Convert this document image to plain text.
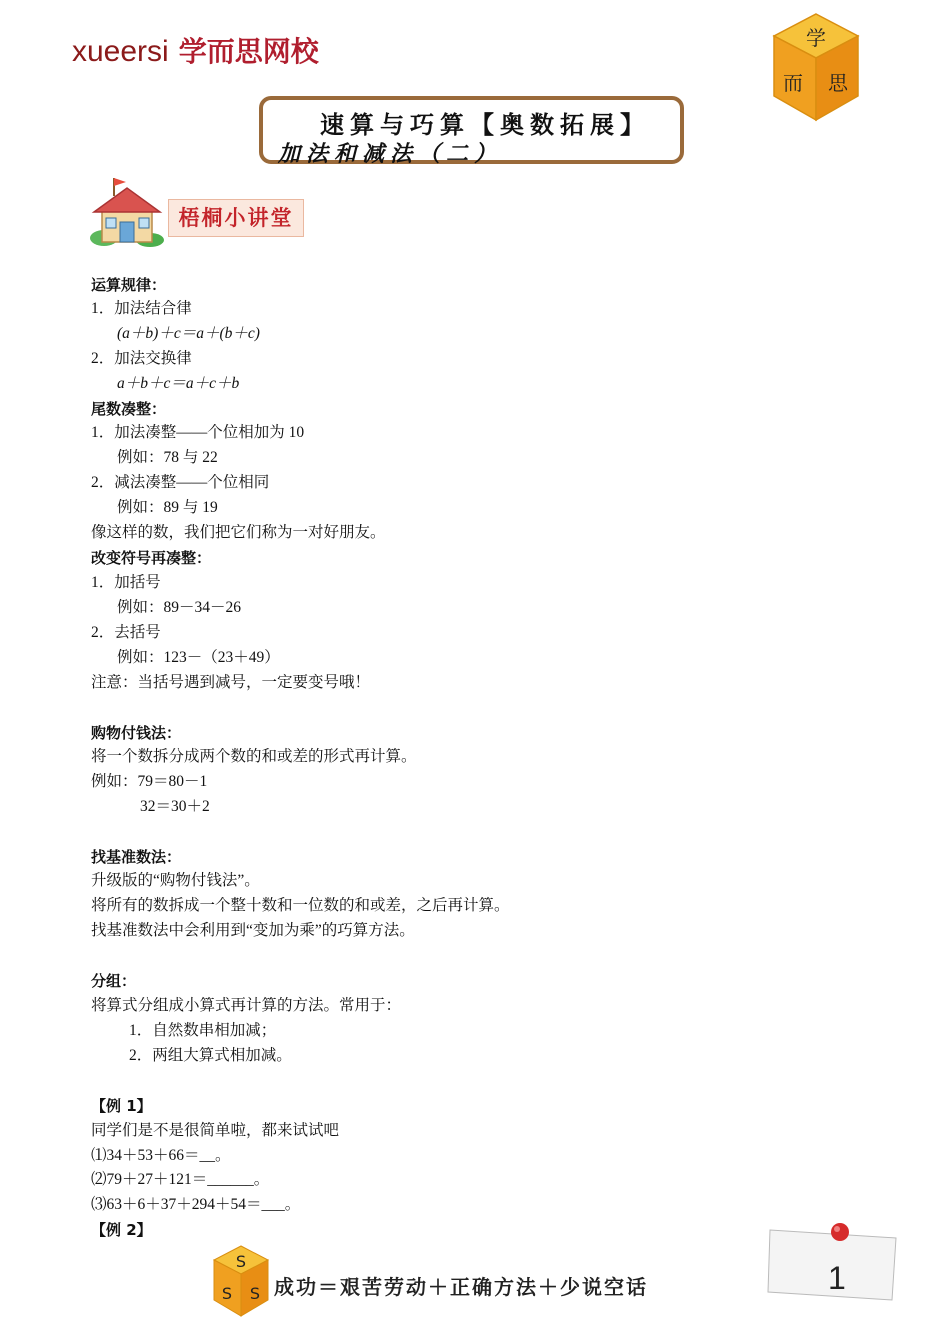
xueersi 学而思网校	学
而 思
速算与巧算【奥数拓展】
加法和减法（二）
梧桐小讲堂
运算规律：
1．加法结合律
(a＋b)＋c＝a＋(b＋c)
2．加法交换律
a＋b＋c＝a＋c＋b
尾数凑整：
1．加法凑整——个位相加为 10
例如：78 与 22
2．减法凑整——个位相同
例如：89 与 19
像这样的数，我们把它们称为一对好朋友。
改变符号再凑整：
1．加括号
例如：89－34－26
2．去括号
例如：123－（23＋49）
注意：当括号遇到减号，一定要变号哦！
购物付钱法：
将一个数拆分成两个数的和或差的形式再计算。
例如：79＝80－1
32＝30＋2
找基准数法：
升级版的“购物付钱法”。
将所有的数拆成一个整十数和一位数的和或差，之后再计算。
找基准数法中会利用到“变加为乘”的巧算方法。
分组：
将算式分组成小算式再计算的方法。常用于：
1．自然数串相加减；
2．两组大算式相加减。
【例 1】
同学们是不是很简单啦，都来试试吧
⑴34＋53＋66＝__。
⑵79＋27＋121＝______。
⑶63＋6＋37＋294＋54＝___。
【例 2】
S
S S 成功＝艰苦劳动＋正确方法＋少说空话	1
